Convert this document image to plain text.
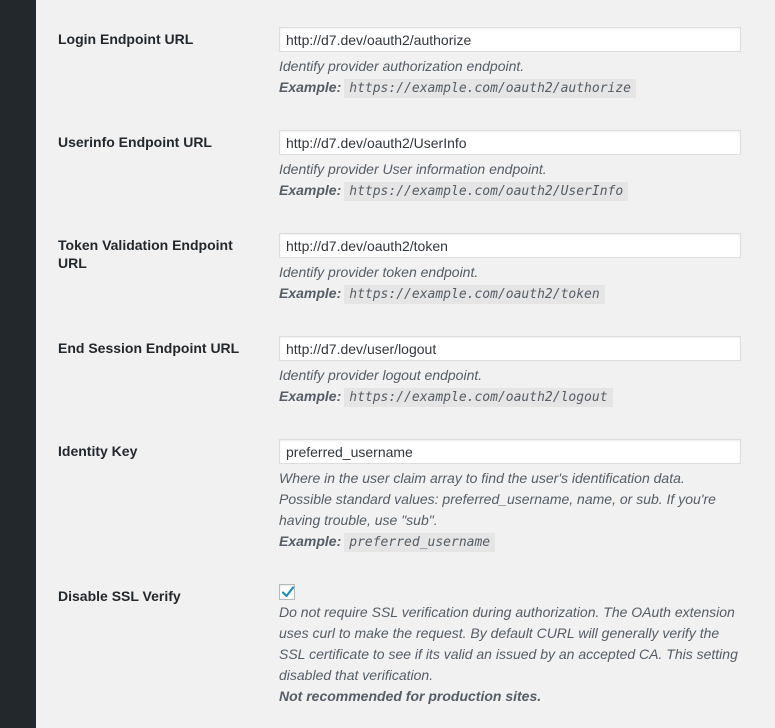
Login Endpoint URL
http://d7.dev/oauth2/authorize
Identify provider authorization endpoint.
Example: https://example.com/oauth2/authorize
Userinfo Endpoint URL
http://d7.dev/oauth2/UserInfo
Identify provider User information endpoint.
Example: https://example.com/oauth2/UserInfo
Token Validation Endpoint URL
http://d7.dev/oauth2/token
Identify provider token endpoint.
Example: https://example.com/oauth2/token
End Session Endpoint URL
http://d7.dev/user/logout
Identify provider logout endpoint.
Example: https://example.com/oauth2/logout
Identity Key
preferred_username
Where in the user claim array to find the user's identification data. Possible standard values: preferred_username, name, or sub. If you're having trouble, use "sub".
Example: preferred_username
Disable SSL Verify
Do not require SSL verification during authorization. The OAuth extension uses curl to make the request. By default CURL will generally verify the SSL certificate to see if its valid an issued by an accepted CA. This setting disabled that verification.
Not recommended for production sites.
